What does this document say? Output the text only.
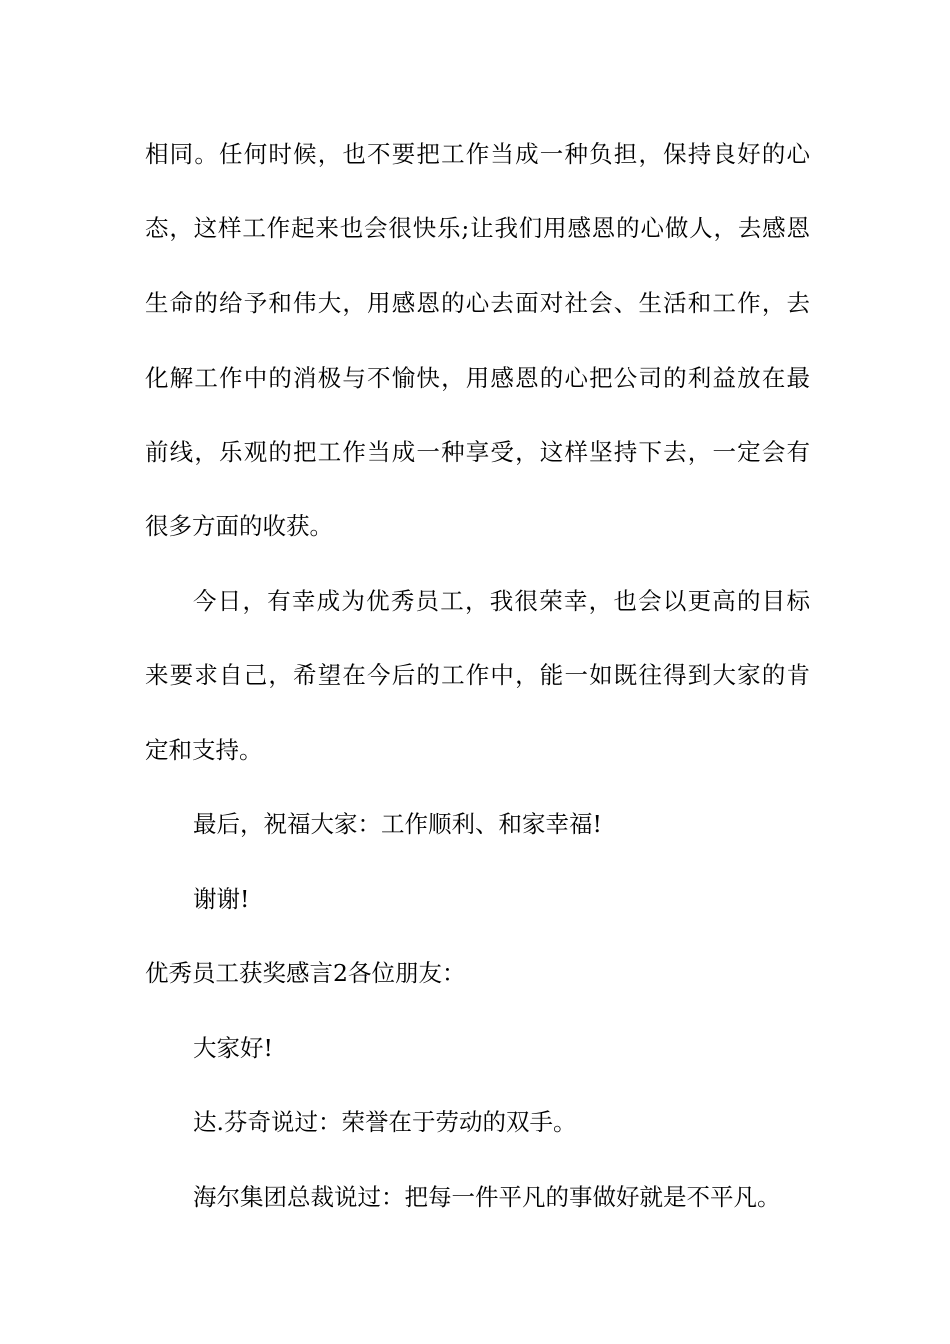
相同。任何时候，也不要把工作当成一种负担，保持良好的心
态，这样工作起来也会很快乐;让我们用感恩的心做人，去感恩
生命的给予和伟大，用感恩的心去面对社会、生活和工作，去
化解工作中的消极与不愉快，用感恩的心把公司的利益放在最
前线，乐观的把工作当成一种享受，这样坚持下去，一定会有
很多方面的收获。
今日，有幸成为优秀员工，我很荣幸，也会以更高的目标
来要求自己，希望在今后的工作中，能一如既往得到大家的肯
定和支持。
最后，祝福大家：工作顺利、和家幸福!
谢谢!
优秀员工获奖感言2各位朋友：
大家好!
达.芬奇说过：荣誉在于劳动的双手。
海尔集团总裁说过：把每一件平凡的事做好就是不平凡。
